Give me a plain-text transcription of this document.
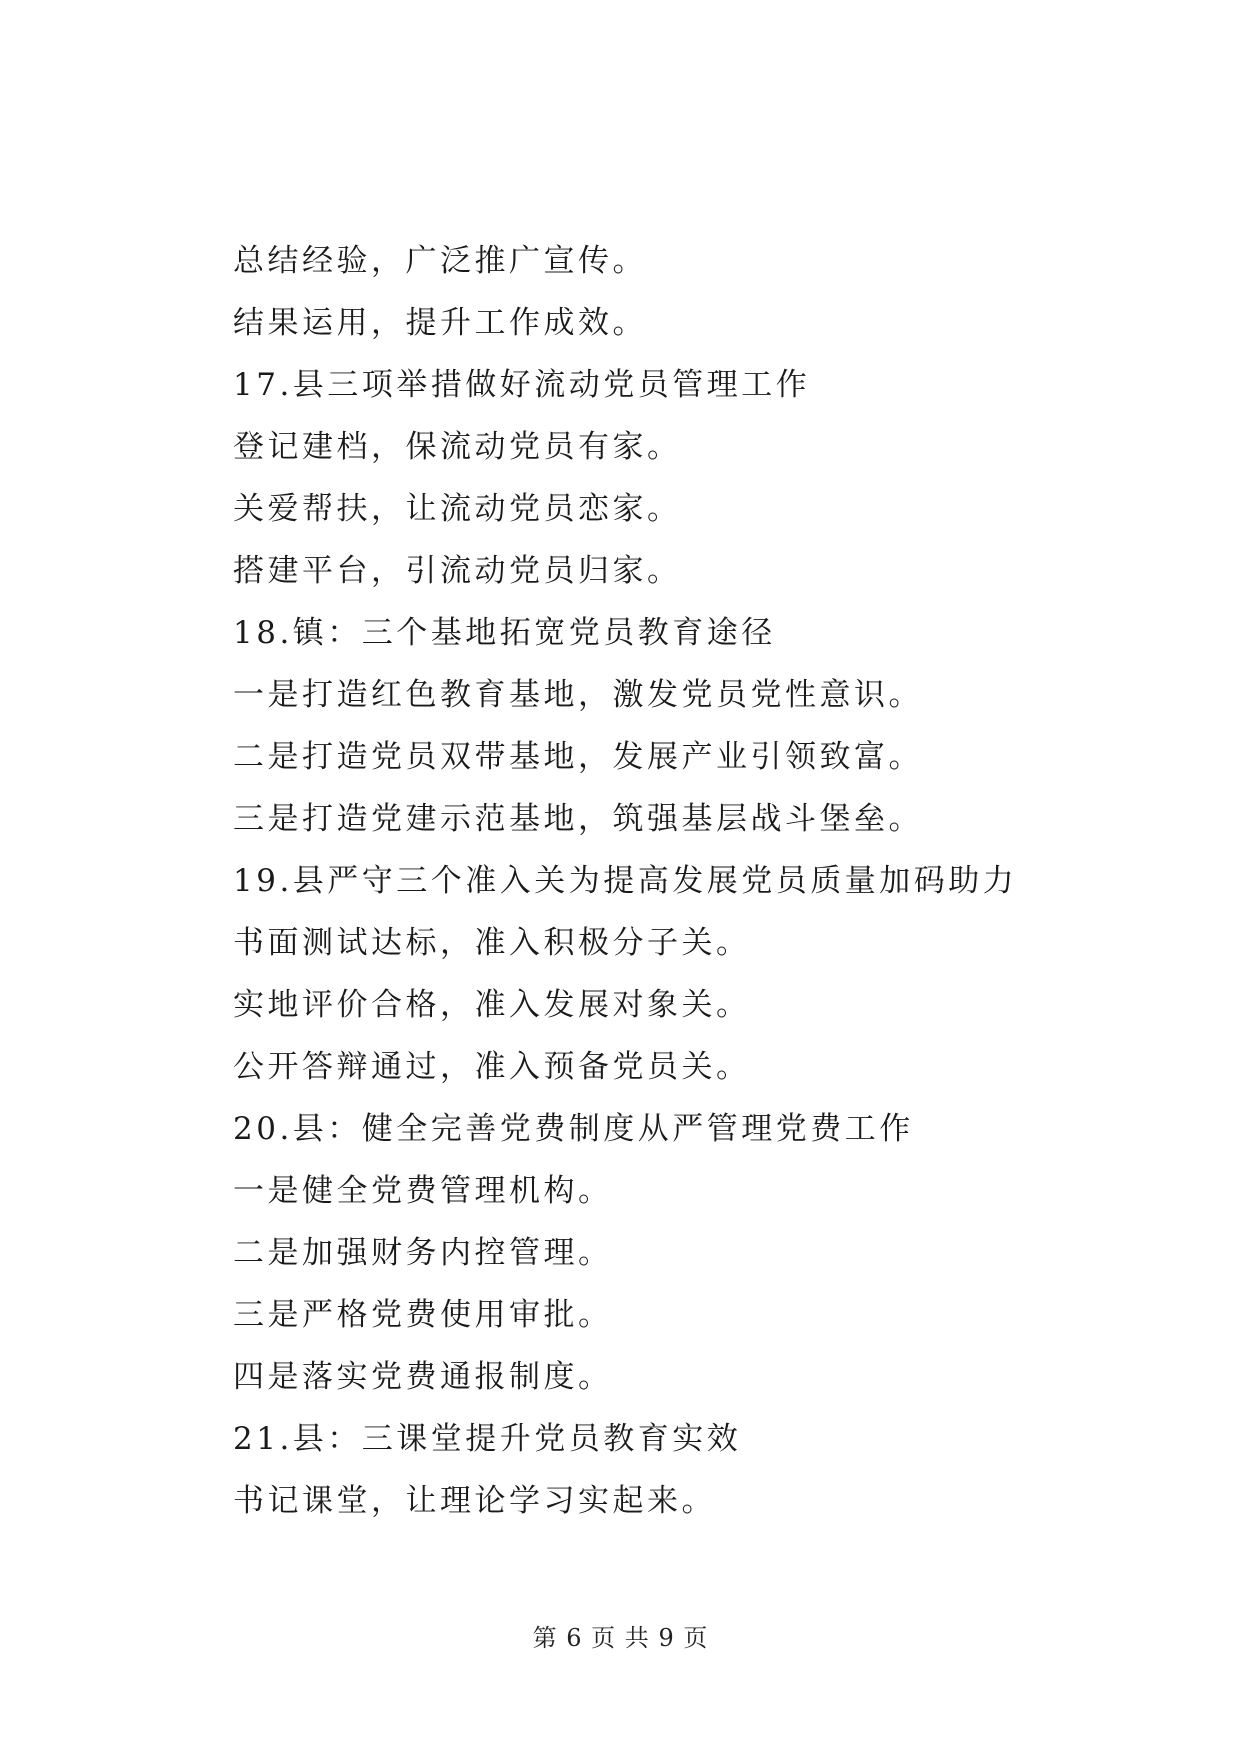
总结经验，广泛推广宣传。
结果运用，提升工作成效。
17.县三项举措做好流动党员管理工作
登记建档，保流动党员有家。
关爱帮扶，让流动党员恋家。
搭建平台，引流动党员归家。
18.镇：三个基地拓宽党员教育途径
一是打造红色教育基地，激发党员党性意识。
二是打造党员双带基地，发展产业引领致富。
三是打造党建示范基地，筑强基层战斗堡垒。
19.县严守三个准入关为提高发展党员质量加码助力
书面测试达标，准入积极分子关。
实地评价合格，准入发展对象关。
公开答辩通过，准入预备党员关。
20.县：健全完善党费制度从严管理党费工作
一是健全党费管理机构。
二是加强财务内控管理。
三是严格党费使用审批。
四是落实党费通报制度。
21.县：三课堂提升党员教育实效
书记课堂，让理论学习实起来。
第 6 页 共 9 页
